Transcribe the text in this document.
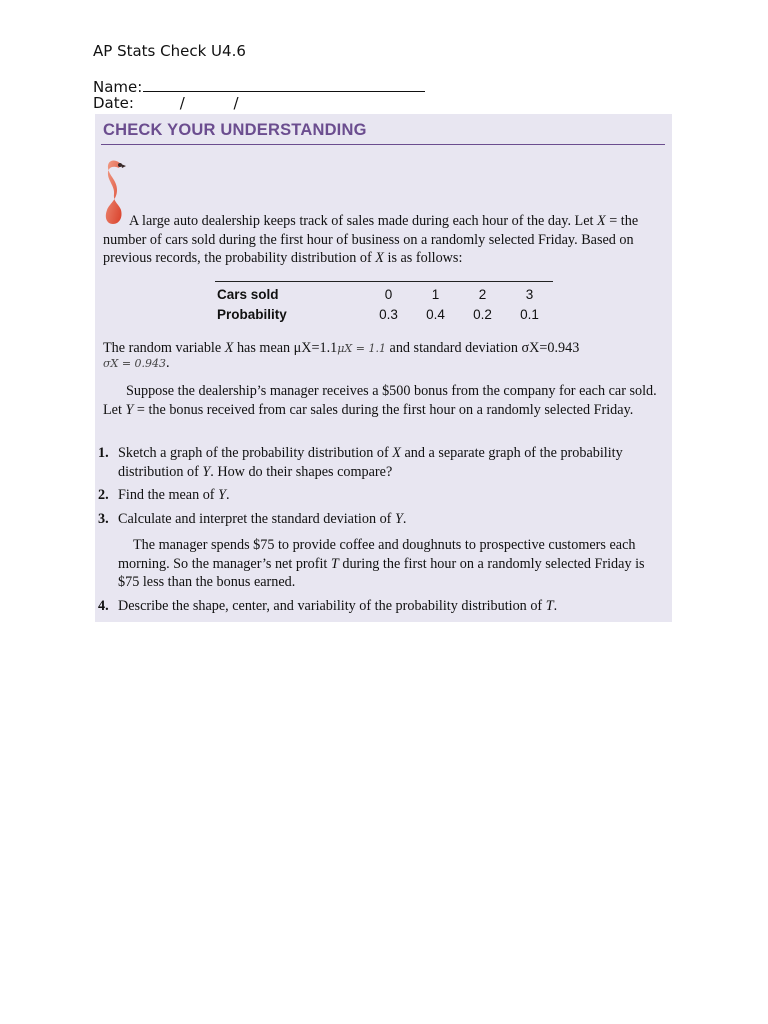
AP Stats Check U4.6
Name:
Date:	/	/
CHECK YOUR UNDERSTANDING
A large auto dealership keeps track of sales made during each hour of the day. Let X = the number of cars sold during the first hour of business on a randomly selected Friday. Based on previous records, the probability distribution of X is as follows:
Cars sold	0	1	2	3
Probability	0.3	0.4	0.2	0.1
The random variable X has mean μX=1.1μX = 1.1 and standard deviation σX=0.943
σX = 0.943.
Suppose the dealership’s manager receives a $500 bonus from the company for each car sold. Let Y = the bonus received from car sales during the first hour on a randomly selected Friday.
1. Sketch a graph of the probability distribution of X and a separate graph of the probability distribution of Y. How do their shapes compare?
2. Find the mean of Y.
3. Calculate and interpret the standard deviation of Y.
The manager spends $75 to provide coffee and doughnuts to prospective customers each morning. So the manager’s net profit T during the first hour on a randomly selected Friday is $75 less than the bonus earned.
4. Describe the shape, center, and variability of the probability distribution of T.
